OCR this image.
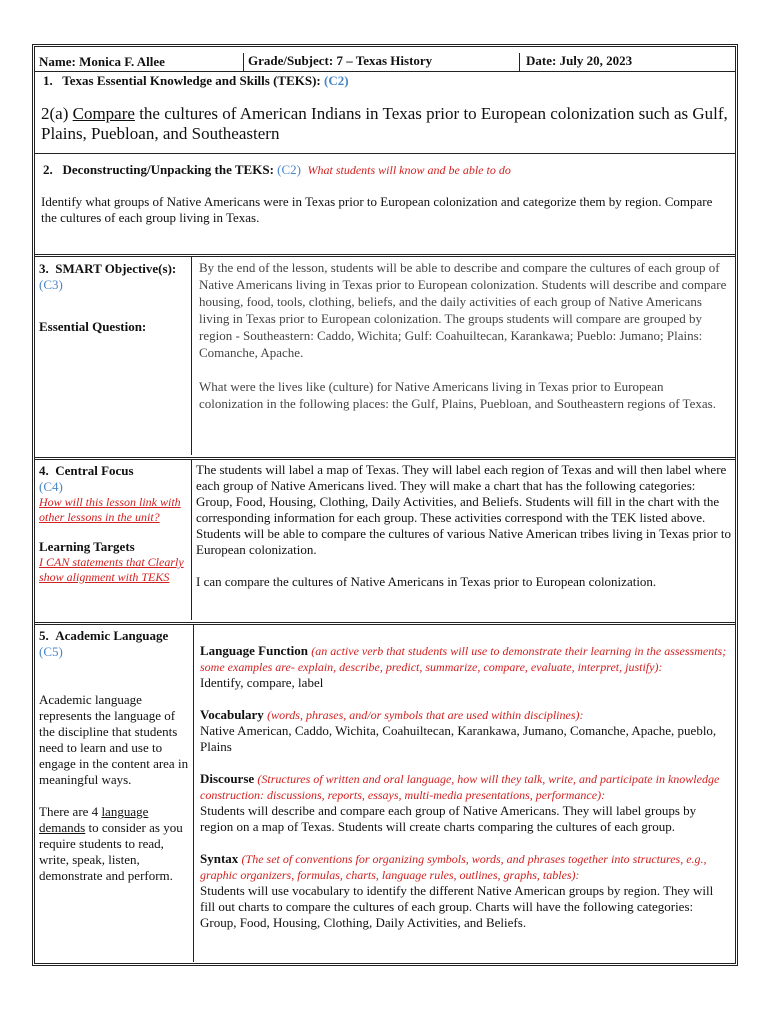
Name: Monica F. Allee	Grade/Subject: 7 – Texas History	Date: July 20, 2023
1. Texas Essential Knowledge and Skills (TEKS): (C2)
2(a) Compare the cultures of American Indians in Texas prior to European colonization such as Gulf, Plains, Puebloan, and Southeastern
2. Deconstructing/Unpacking the TEKS: (C2) What students will know and be able to do
Identify what groups of Native Americans were in Texas prior to European colonization and categorize them by region. Compare the cultures of each group living in Texas.

3. SMART Objective(s): (C3)

Essential Question:

By the end of the lesson, students will be able to describe and compare the cultures of each group of Native Americans living in Texas prior to European colonization. Students will describe and compare housing, food, tools, clothing, beliefs, and the daily activities of each group of Native Americans living in Texas prior to European colonization. The groups students will compare are grouped by region - Southeastern: Caddo, Wichita; Gulf: Coahuiltecan, Karankawa; Pueblo: Jumano; Plains: Comanche, Apache.

What were the lives like (culture) for Native Americans living in Texas prior to European colonization in the following places: the Gulf, Plains, Puebloan, and Southeastern regions of Texas.

4. Central Focus

(C4)

How will this lesson link with other lessons in the unit?

Learning Targets

I CAN statements that Clearly show alignment with TEKS

The students will label a map of Texas. They will label each region of Texas and will then label where each group of Native Americans lived. They will make a chart that has the following categories: Group, Food, Housing, Clothing, Daily Activities, and Beliefs. Students will fill in the chart with the corresponding information for each group. These activities correspond with the TEK listed above. Students will be able to compare the cultures of various Native American tribes living in Texas prior to European colonization.

I can compare the cultures of Native Americans in Texas prior to European colonization.

5. Academic Language

(C5)

Academic language represents the language of the discipline that students need to learn and use to engage in the content area in meaningful ways.

There are 4 language demands to consider as you require students to read, write, speak, listen, demonstrate and perform.

Language Function (an active verb that students will use to demonstrate their learning in the assessments; some examples are- explain, describe, predict, summarize, compare, evaluate, interpret, justify):

Identify, compare, label

Vocabulary (words, phrases, and/or symbols that are used within disciplines):

Native American, Caddo, Wichita, Coahuiltecan, Karankawa, Jumano, Comanche, Apache, pueblo, Plains

Discourse (Structures of written and oral language, how will they talk, write, and participate in knowledge construction: discussions, reports, essays, multi-media presentations, performance):

Students will describe and compare each group of Native Americans. They will label groups by region on a map of Texas. Students will create charts comparing the cultures of each group.

Syntax (The set of conventions for organizing symbols, words, and phrases together into structures, e.g., graphic organizers, formulas, charts, language rules, outlines, graphs, tables):

Students will use vocabulary to identify the different Native American groups by region. They will fill out charts to compare the cultures of each group. Charts will have the following categories: Group, Food, Housing, Clothing, Daily Activities, and Beliefs.
